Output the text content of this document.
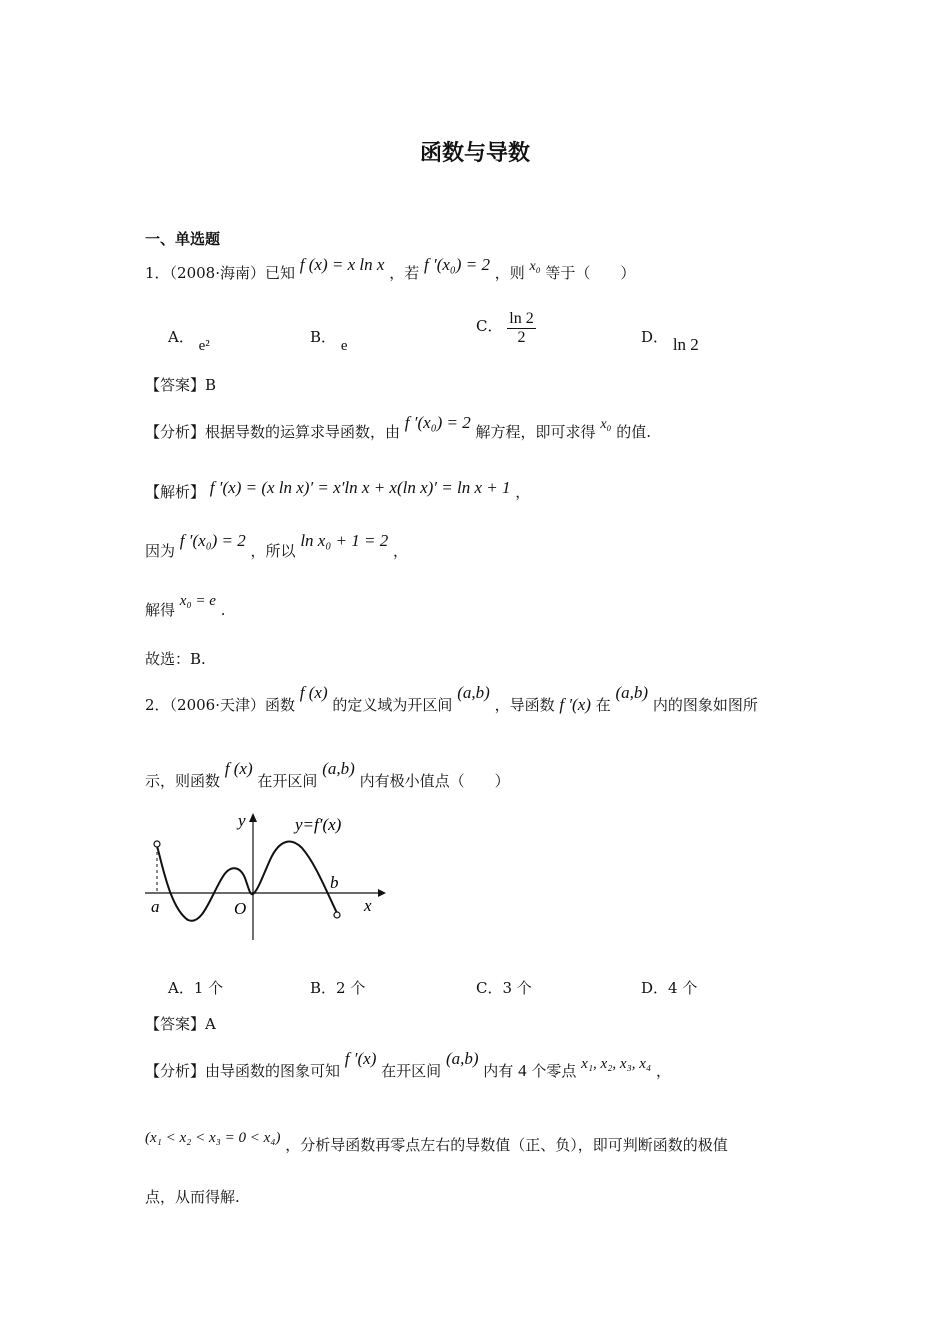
函数与导数
一、单选题
1．（2008·海南）已知 f (x) = x ln x ，若 f ′(x₀) = 2 ，则 x₀ 等于（　　）
A． e²	B． e
C． $\frac{\ln 2}{2}$	D． ln 2
【答案】B
【分析】根据导数的运算求导函数，由 f ′(x₀) = 2 解方程，即可求得 x₀ 的值.
【解析】 f ′(x) = (x ln x)′ = x′ln x + x(ln x)′ = ln x + 1 ，
因为 f ′(x₀) = 2 ，所以 ln x₀ + 1 = 2 ，
解得 x₀ = e .
故选：B.
2．（2006·天津）函数 f (x) 的定义域为开区间 (a,b) ，导函数 f ′(x) 在 (a,b) 内的图象如图所
示，则函数 f (x) 在开区间 (a,b) 内有极小值点（　　）
y	y=f′(x)
x
a	O
b
A．1 个	B．2 个	C．3 个	D．4 个
【答案】A
【分析】由导函数的图象可知 f ′(x) 在开区间 (a,b) 内有 4 个零点 x₁, x₂, x₃, x₄ ，
(x₁ < x₂ < x₃ = 0 < x₄) ，分析导函数再零点左右的导数值（正、负），即可判断函数的极值
点，从而得解.
